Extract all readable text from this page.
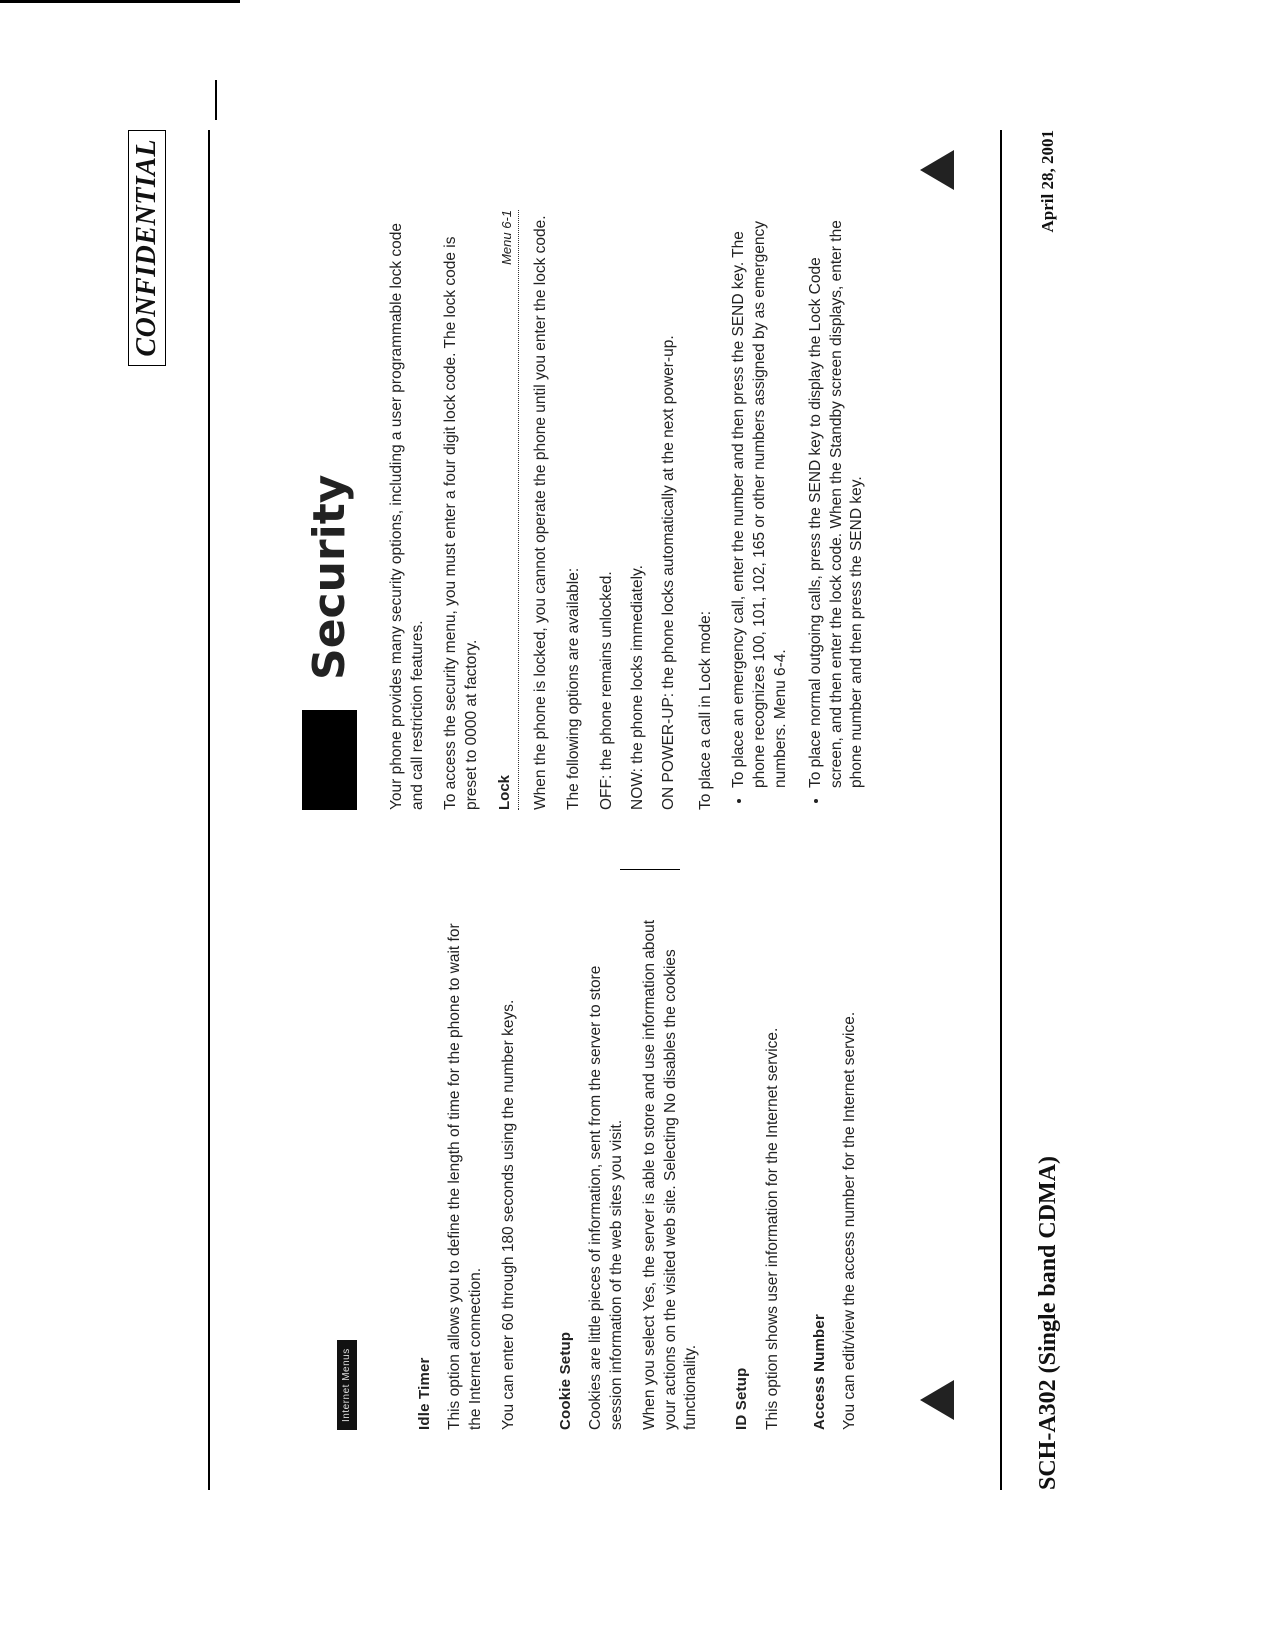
CONFIDENTIAL
Internet Menus	Idle Timer This option allows you to define the length of time for the phone to wait for the Internet connection. You can enter 60 through 180 seconds using the number keys.	Cookie Setup Cookies are little pieces of information, sent from the server to store session information of the web sites you visit. When you select Yes, the server is able to store and use information about your actions on the visited web site. Selecting No disables the cookies functionality. ID Setup This option shows user information for the Internet service. Access Number You can edit/view the access number for the Internet service.

Security Your phone provides many security options, including a user programmable lock code and call restriction features. To access the security menu, you must enter a four digit lock code. The lock code is preset to 0000 at factory. Lock
Menu 6-1 When the phone is locked, you cannot operate the phone until you enter the lock code. The following options are available: OFF: the phone remains unlocked. NOW: the phone locks immediately. ON POWER-UP: the phone locks automatically at the next power-up. To place a call in Lock mode: • To place an emergency call, enter the number and then press the SEND key. The phone recognizes 100, 101, 102, 165 or other numbers assigned by as emergency numbers. Menu 6-4. • To place normal outgoing calls, press the SEND key to display the Lock Code screen, and then enter the lock code. When the Standby screen displays, enter the phone number and then press the SEND key.
SCH-A302 (Single band CDMA)
April 28, 2001
